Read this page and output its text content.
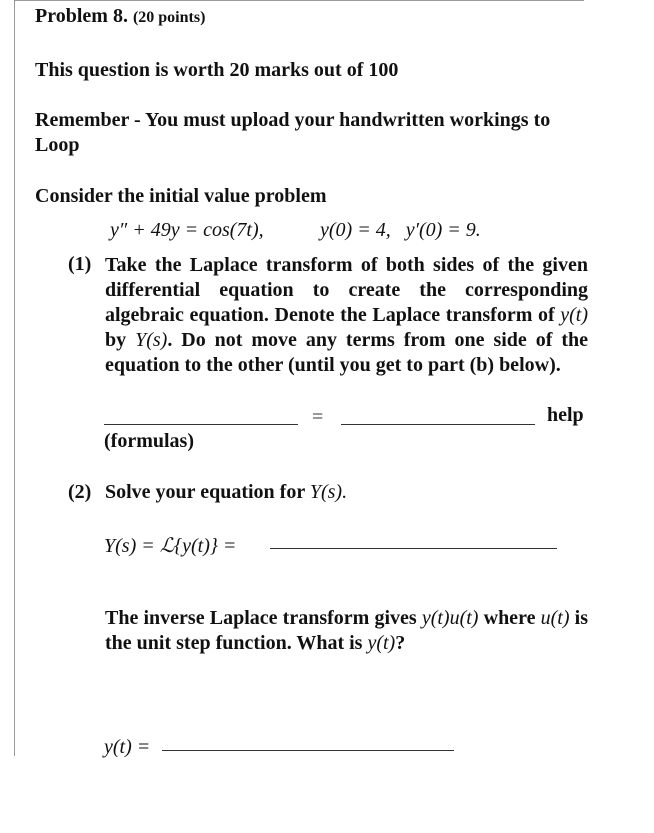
Problem 8. (20 points)
This question is worth 20 marks out of 100
Remember - You must upload your handwritten workings to Loop
Consider the initial value problem
y″ + 49y = cos(7t),	y(0) = 4, y′(0) = 9.
(1) Take the Laplace transform of both sides of the given differential equation to create the corresponding algebraic equation. Denote the Laplace transform of y(t) by Y(s). Do not move any terms from one side of the equation to the other (until you get to part (b) below).
=	help
(formulas)
(2) Solve your equation for Y(s).
Y(s) = ℒ{y(t)} =
The inverse Laplace transform gives y(t)u(t) where u(t) is the unit step function. What is y(t)?
y(t) =
